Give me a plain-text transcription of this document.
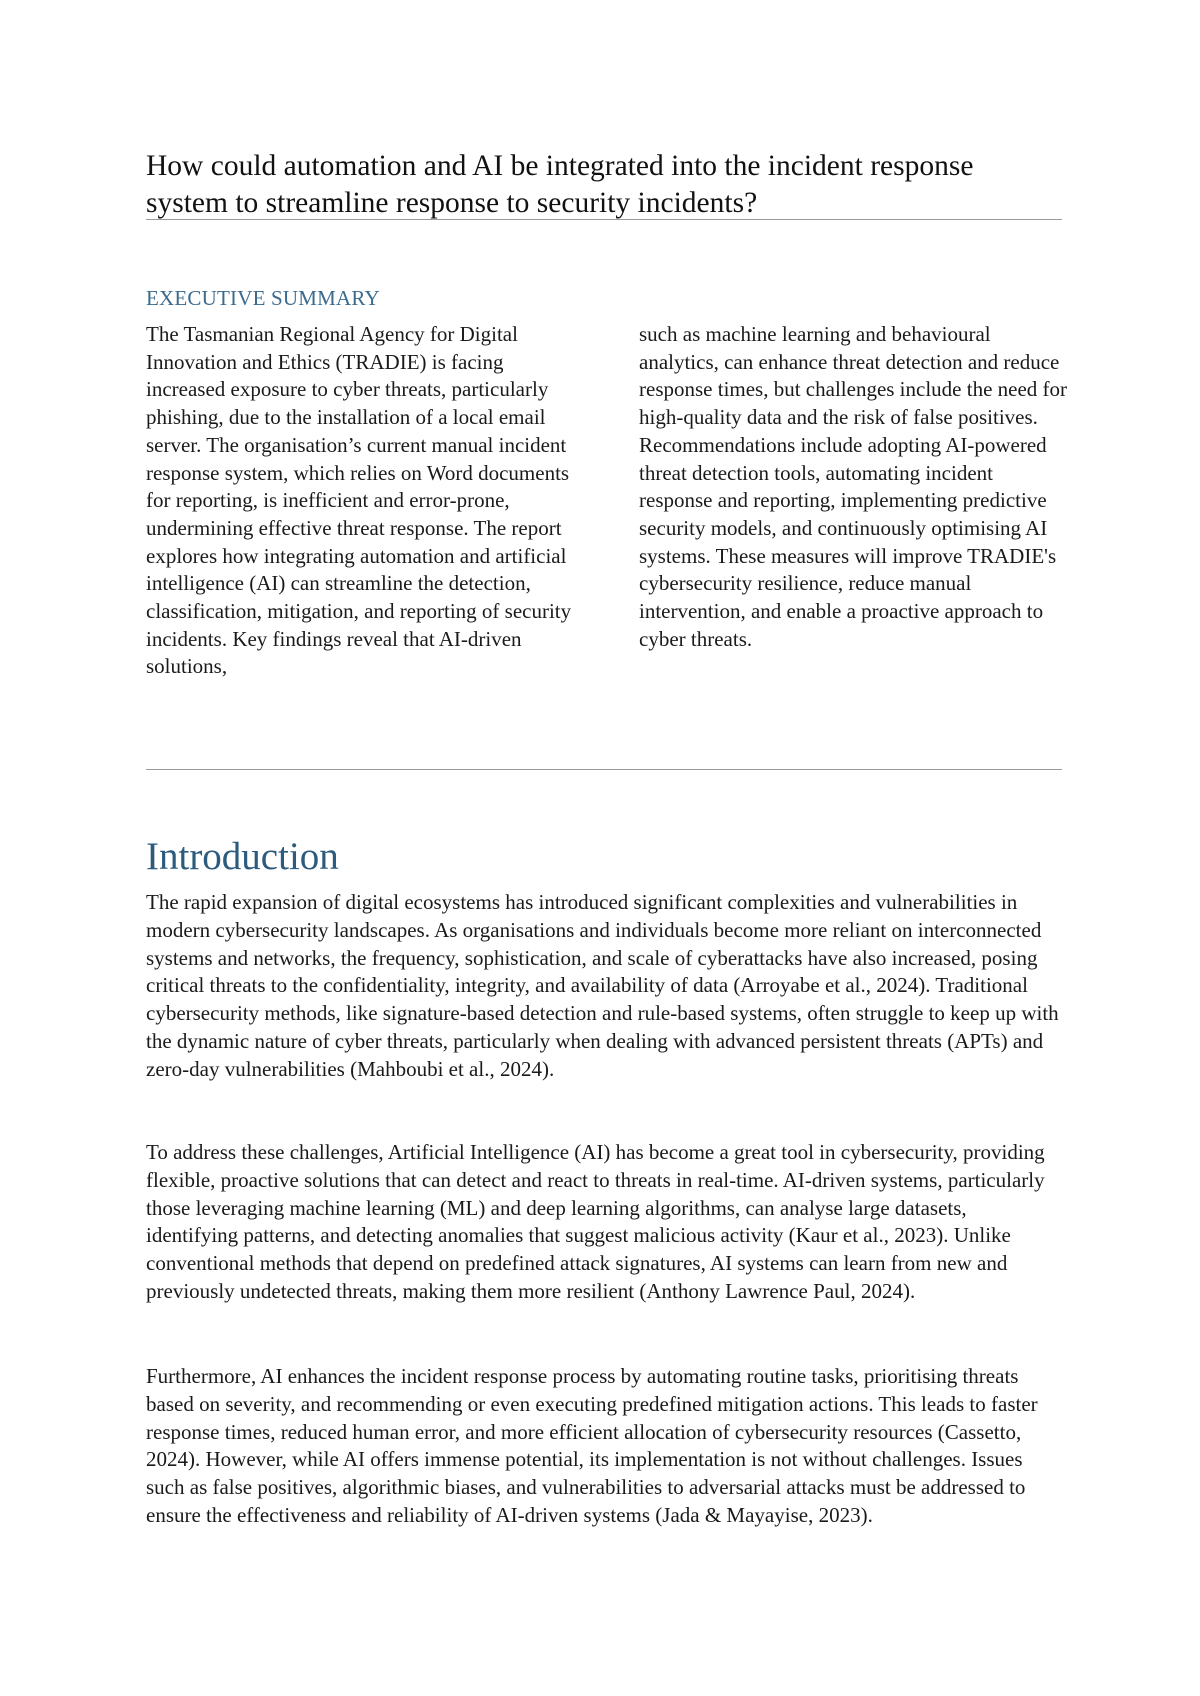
How could automation and AI be integrated into the incident response system to streamline response to security incidents?
EXECUTIVE SUMMARY

The Tasmanian Regional Agency for Digital Innovation and Ethics (TRADIE) is facing increased exposure to cyber threats, particularly phishing, due to the installation of a local email server. The organisation’s current manual incident response system, which relies on Word documents for reporting, is inefficient and error-prone, undermining effective threat response. The report explores how integrating automation and artificial intelligence (AI) can streamline the detection, classification, mitigation, and reporting of security incidents. Key findings reveal that AI-driven solutions,

such as machine learning and behavioural analytics, can enhance threat detection and reduce response times, but challenges include the need for high-quality data and the risk of false positives. Recommendations include adopting AI-powered threat detection tools, automating incident response and reporting, implementing predictive security models, and continuously optimising AI systems. These measures will improve TRADIE's cybersecurity resilience, reduce manual intervention, and enable a proactive approach to cyber threats.

Introduction

The rapid expansion of digital ecosystems has introduced significant complexities and vulnerabilities in modern cybersecurity landscapes. As organisations and individuals become more reliant on interconnected systems and networks, the frequency, sophistication, and scale of cyberattacks have also increased, posing critical threats to the confidentiality, integrity, and availability of data (Arroyabe et al., 2024). Traditional cybersecurity methods, like signature-based detection and rule-based systems, often struggle to keep up with the dynamic nature of cyber threats, particularly when dealing with advanced persistent threats (APTs) and zero-day vulnerabilities (Mahboubi et al., 2024).

To address these challenges, Artificial Intelligence (AI) has become a great tool in cybersecurity, providing flexible, proactive solutions that can detect and react to threats in real-time. AI-driven systems, particularly those leveraging machine learning (ML) and deep learning algorithms, can analyse large datasets, identifying patterns, and detecting anomalies that suggest malicious activity (Kaur et al., 2023). Unlike conventional methods that depend on predefined attack signatures, AI systems can learn from new and previously undetected threats, making them more resilient (Anthony Lawrence Paul, 2024).

Furthermore, AI enhances the incident response process by automating routine tasks, prioritising threats based on severity, and recommending or even executing predefined mitigation actions. This leads to faster response times, reduced human error, and more efficient allocation of cybersecurity resources (Cassetto, 2024). However, while AI offers immense potential, its implementation is not without challenges. Issues such as false positives, algorithmic biases, and vulnerabilities to adversarial attacks must be addressed to ensure the effectiveness and reliability of AI-driven systems (Jada & Mayayise, 2023).
